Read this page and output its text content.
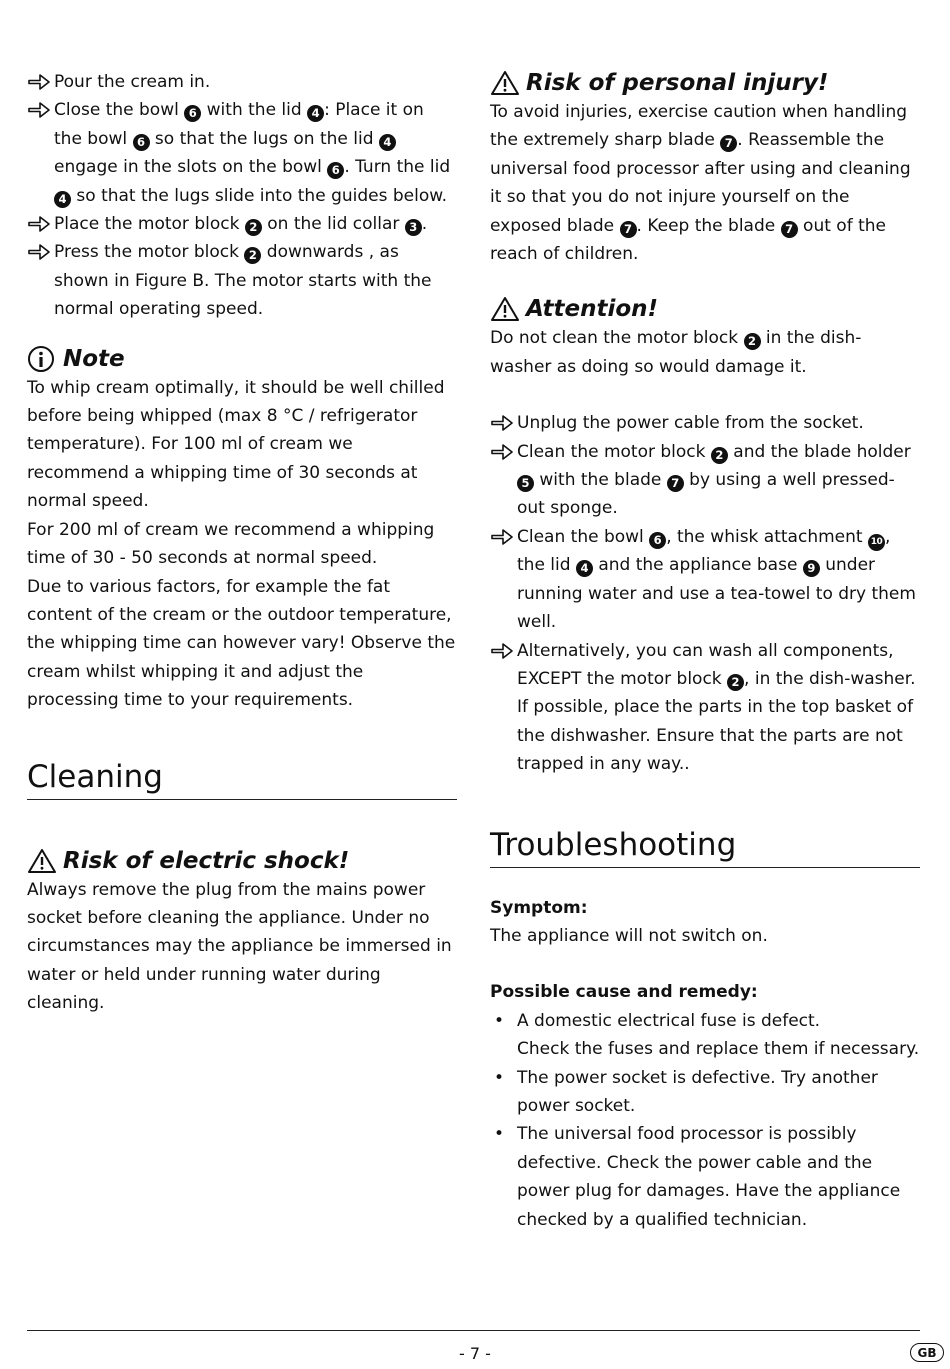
Pour the cream in.
Close the bowl 6 with the lid 4 : Place it on the bowl 6 so that the lugs on the lid 4 engage in the slots on the bowl 6 . Turn the lid 4 so that the lugs slide into the guides below.
Place the motor block 2 on the lid collar 3 .
Press the motor block 2 downwards , as shown in Figure B. The motor starts with the normal operating speed.
Note

To whip cream optimally, it should be well chilled before being whipped (max 8 °C / refrigerator temperature). For 100 ml of cream we recommend a whipping time of 30 seconds at normal speed.

For 200 ml of cream we recommend a whipping time of 30 - 50 seconds at normal speed.

Due to various factors, for example the fat content of the cream or the outdoor temperature, the whipping time can however vary! Observe the cream whilst whipping it and adjust the processing time to your requirements.

Cleaning
Risk of electric shock!

Always remove the plug from the mains power socket before cleaning the appliance. Under no circumstances may the appliance be immersed in water or held under running water during cleaning.

Risk of personal injury!

To avoid injuries, exercise caution when handling the extremely sharp blade 7 . Reassemble the universal food processor after using and cleaning it so that you do not injure yourself on the exposed blade 7 . Keep the blade 7 out of the reach of children.

Attention!

Do not clean the motor block 2 in the dish-washer as doing so would damage it.

Unplug the power cable from the socket.
Clean the motor block 2 and the blade holder 5 with the blade 7 by using a well pressed-out sponge.
Clean the bowl 6 , the whisk attachment 10 , the lid 4 and the appliance base 9 under running water and use a tea-towel to dry them well.
Alternatively, you can wash all components, EXCEPT the motor block 2 , in the dish-washer. If possible, place the parts in the top basket of the dishwasher. Ensure that the parts are not trapped in any way..
Troubleshooting

Symptom:

The appliance will not switch on.

Possible cause and remedy:

• A domestic electrical fuse is defect.
Check the fuses and replace them if necessary.
• The power socket is defective. Try another power socket.
• The universal food processor is possibly defective. Check the power cable and the power plug for damages. Have the appliance checked by a qualified technician.
- 7 -	GB
